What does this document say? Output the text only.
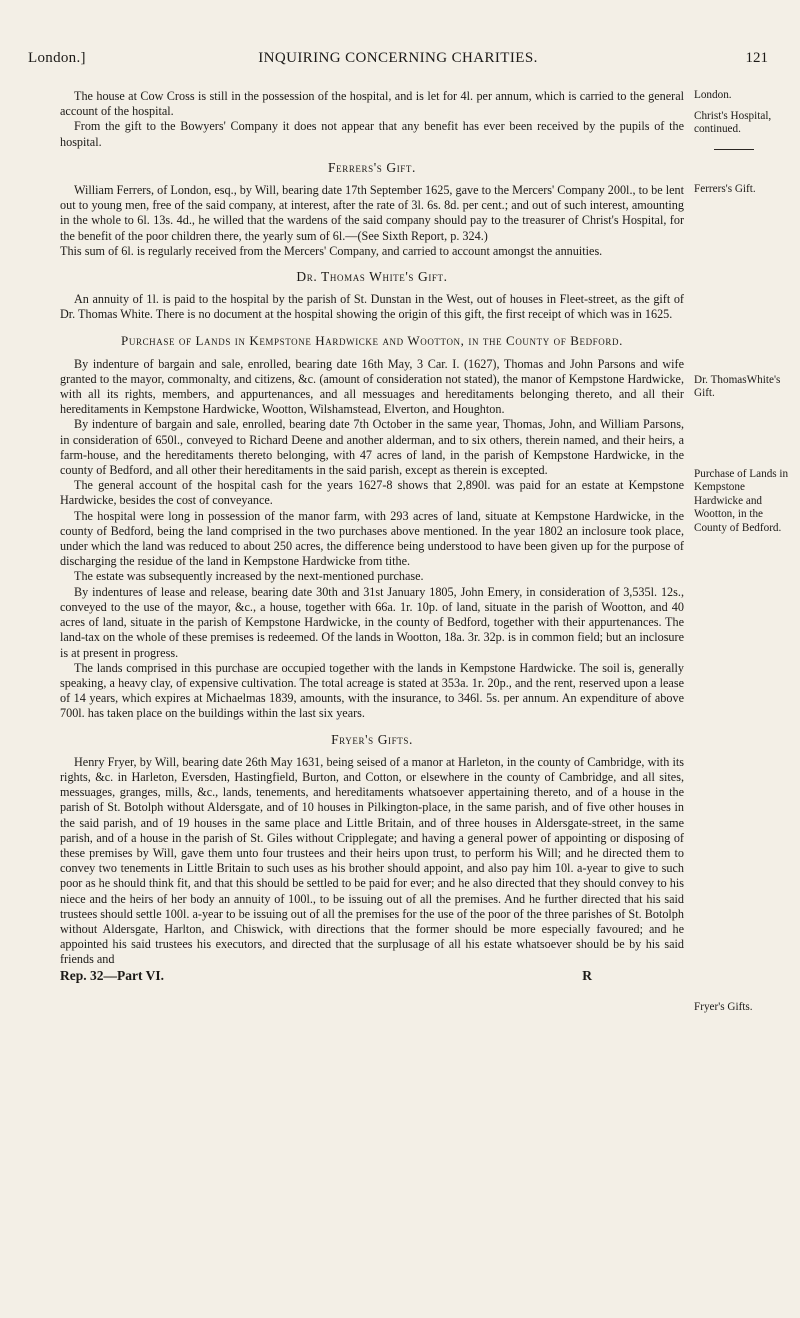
London.]	INQUIRING CONCERNING CHARITIES.	121

The house at Cow Cross is still in the possession of the hospital, and is let for 4l. per annum, which is carried to the general account of the hospital.

From the gift to the Bowyers' Company it does not appear that any benefit has ever been received by the pupils of the hospital.

Ferrers's Gift.

William Ferrers, of London, esq., by Will, bearing date 17th September 1625, gave to the Mercers' Company 200l., to be lent out to young men, free of the said company, at interest, after the rate of 3l. 6s. 8d. per cent.; and out of such interest, amounting in the whole to 6l. 13s. 4d., he willed that the wardens of the said company should pay to the treasurer of Christ's Hospital, for the benefit of the poor children there, the yearly sum of 6l.—(See Sixth Report, p. 324.)

This sum of 6l. is regularly received from the Mercers' Company, and carried to account amongst the annuities.

Dr. Thomas White's Gift.

An annuity of 1l. is paid to the hospital by the parish of St. Dunstan in the West, out of houses in Fleet-street, as the gift of Dr. Thomas White. There is no document at the hospital showing the origin of this gift, the first receipt of which was in 1625.

Purchase of Lands in Kempstone Hardwicke and Wootton, in the County of Bedford.

By indenture of bargain and sale, enrolled, bearing date 16th May, 3 Car. I. (1627), Thomas and John Parsons and wife granted to the mayor, commonalty, and citizens, &c. (amount of consideration not stated), the manor of Kempstone Hardwicke, with all its rights, members, and appurtenances, and all messuages and hereditaments belonging thereto, and all their hereditaments in Kempstone Hardwicke, Wootton, Wilshamstead, Elverton, and Houghton.

By indenture of bargain and sale, enrolled, bearing date 7th October in the same year, Thomas, John, and William Parsons, in consideration of 650l., conveyed to Richard Deene and another alderman, and to six others, therein named, and their heirs, a farm-house, and the hereditaments thereto belonging, with 47 acres of land, in the parish of Kempstone Hardwicke, in the county of Bedford, and all other their hereditaments in the said parish, except as therein is excepted.

The general account of the hospital cash for the years 1627-8 shows that 2,890l. was paid for an estate at Kempstone Hardwicke, besides the cost of conveyance.

The hospital were long in possession of the manor farm, with 293 acres of land, situate at Kempstone Hardwicke, in the county of Bedford, being the land comprised in the two purchases above mentioned. In the year 1802 an inclosure took place, under which the land was reduced to about 250 acres, the difference being understood to have been given up for the purpose of discharging the residue of the land in Kempstone Hardwicke from tithe.

The estate was subsequently increased by the next-mentioned purchase.

By indentures of lease and release, bearing date 30th and 31st January 1805, John Emery, in consideration of 3,535l. 12s., conveyed to the use of the mayor, &c., a house, together with 66a. 1r. 10p. of land, situate in the parish of Wootton, and 40 acres of land, situate in the parish of Kempstone Hardwicke, in the county of Bedford, together with their appurtenances. The land-tax on the whole of these premises is redeemed. Of the lands in Wootton, 18a. 3r. 32p. is in common field; but an inclosure is at present in progress.

The lands comprised in this purchase are occupied together with the lands in Kempstone Hardwicke. The soil is, generally speaking, a heavy clay, of expensive cultivation. The total acreage is stated at 353a. 1r. 20p., and the rent, reserved upon a lease of 14 years, which expires at Michaelmas 1839, amounts, with the insurance, to 346l. 5s. per annum. An expenditure of above 700l. has taken place on the buildings within the last six years.

Fryer's Gifts.

Henry Fryer, by Will, bearing date 26th May 1631, being seised of a manor at Harleton, in the county of Cambridge, with its rights, &c. in Harleton, Eversden, Hastingfield, Burton, and Cotton, or elsewhere in the county of Cambridge, and all sites, messuages, granges, mills, &c., lands, tenements, and hereditaments whatsoever appertaining thereto, and of a house in the parish of St. Botolph without Aldersgate, and of 10 houses in Pilkington-place, in the same parish, and of five other houses in the said parish, and of 19 houses in the same place and Little Britain, and of three houses in Aldersgate-street, in the same parish, and of a house in the parish of St. Giles without Cripplegate; and having a general power of appointing or disposing of these premises by Will, gave them unto four trustees and their heirs upon trust, to perform his Will; and he directed them to convey two tenements in Little Britain to such uses as his brother should appoint, and also pay him 10l. a-year to give to such poor as he should think fit, and that this should be settled to be paid for ever; and he also directed that they should convey to his niece and the heirs of her body an annuity of 100l., to be issuing out of all the premises. And he further directed that his said trustees should settle 100l. a-year to be issuing out of all the premises for the use of the poor of the three parishes of St. Botolph without Aldersgate, Harlton, and Chiswick, with directions that the former should be more especially favoured; and he appointed his said trustees his executors, and directed that the surplusage of all his estate whatsoever should be by his said friends and

Rep. 32—Part VI.	R
London.
Christ's Hospital, continued.
Ferrers's Gift.
Dr. ThomasWhite's Gift.
Purchase of Lands in Kempstone Hardwicke and Wootton, in the County of Bedford.
Fryer's Gifts.
